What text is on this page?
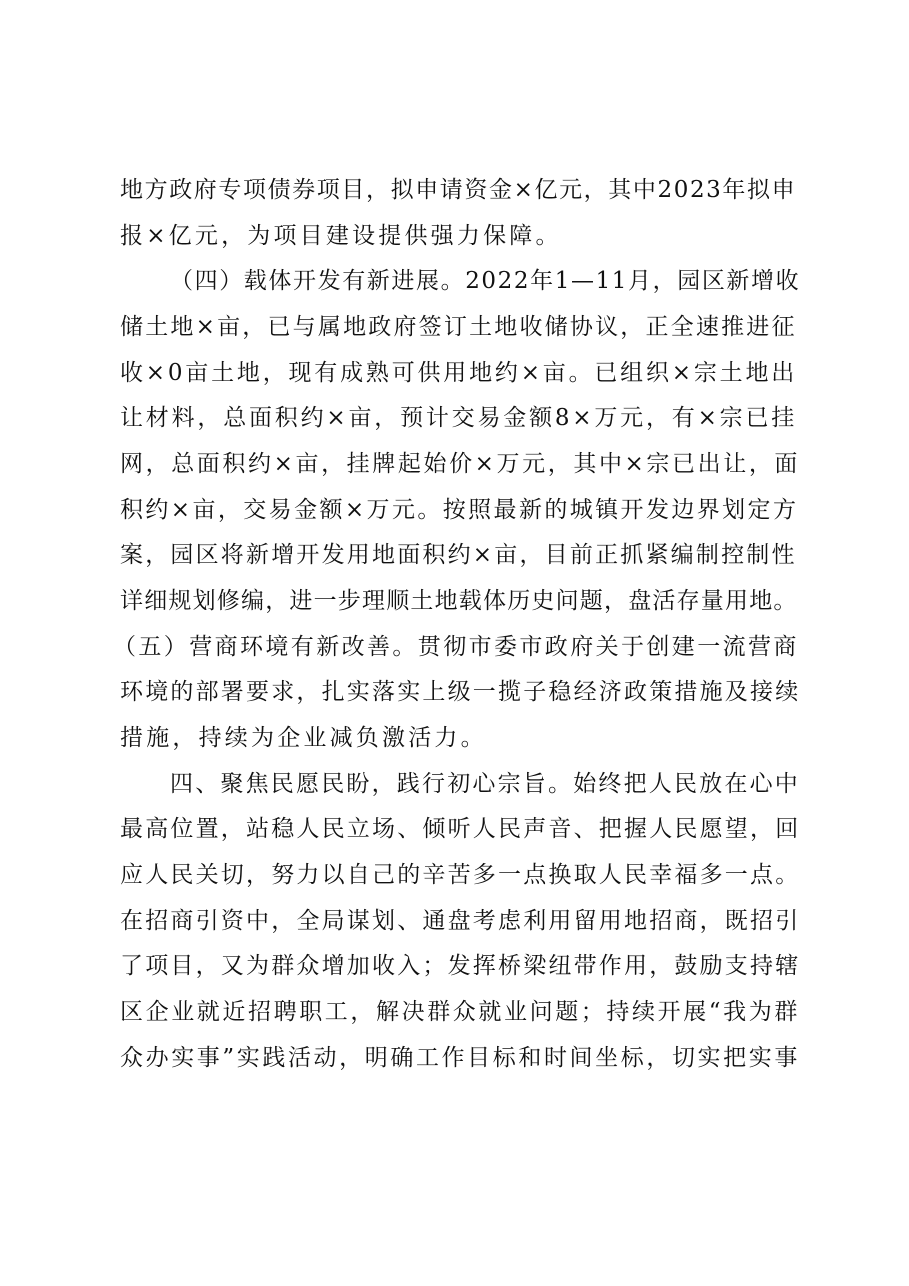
地方政府专项债券项目，拟申请资金×亿元，其中2023年拟申
报×亿元，为项目建设提供强力保障。
（四）载体开发有新进展。2022年1—11月，园区新增收
储土地×亩，已与属地政府签订土地收储协议，正全速推进征
收×0亩土地，现有成熟可供用地约×亩。已组织×宗土地出
让材料，总面积约×亩，预计交易金额8×万元，有×宗已挂
网，总面积约×亩，挂牌起始价×万元，其中×宗已出让，面
积约×亩，交易金额×万元。按照最新的城镇开发边界划定方
案，园区将新增开发用地面积约×亩，目前正抓紧编制控制性
详细规划修编，进一步理顺土地载体历史问题，盘活存量用地。
（五）营商环境有新改善。贯彻市委市政府关于创建一流营商
环境的部署要求，扎实落实上级一揽子稳经济政策措施及接续
措施，持续为企业减负激活力。
四、聚焦民愿民盼，践行初心宗旨。始终把人民放在心中
最高位置，站稳人民立场、倾听人民声音、把握人民愿望，回
应人民关切，努力以自己的辛苦多一点换取人民幸福多一点。
在招商引资中，全局谋划、通盘考虑利用留用地招商，既招引
了项目，又为群众增加收入；发挥桥梁纽带作用，鼓励支持辖
区企业就近招聘职工，解决群众就业问题；持续开展“我为群
众办实事”实践活动，明确工作目标和时间坐标，切实把实事
